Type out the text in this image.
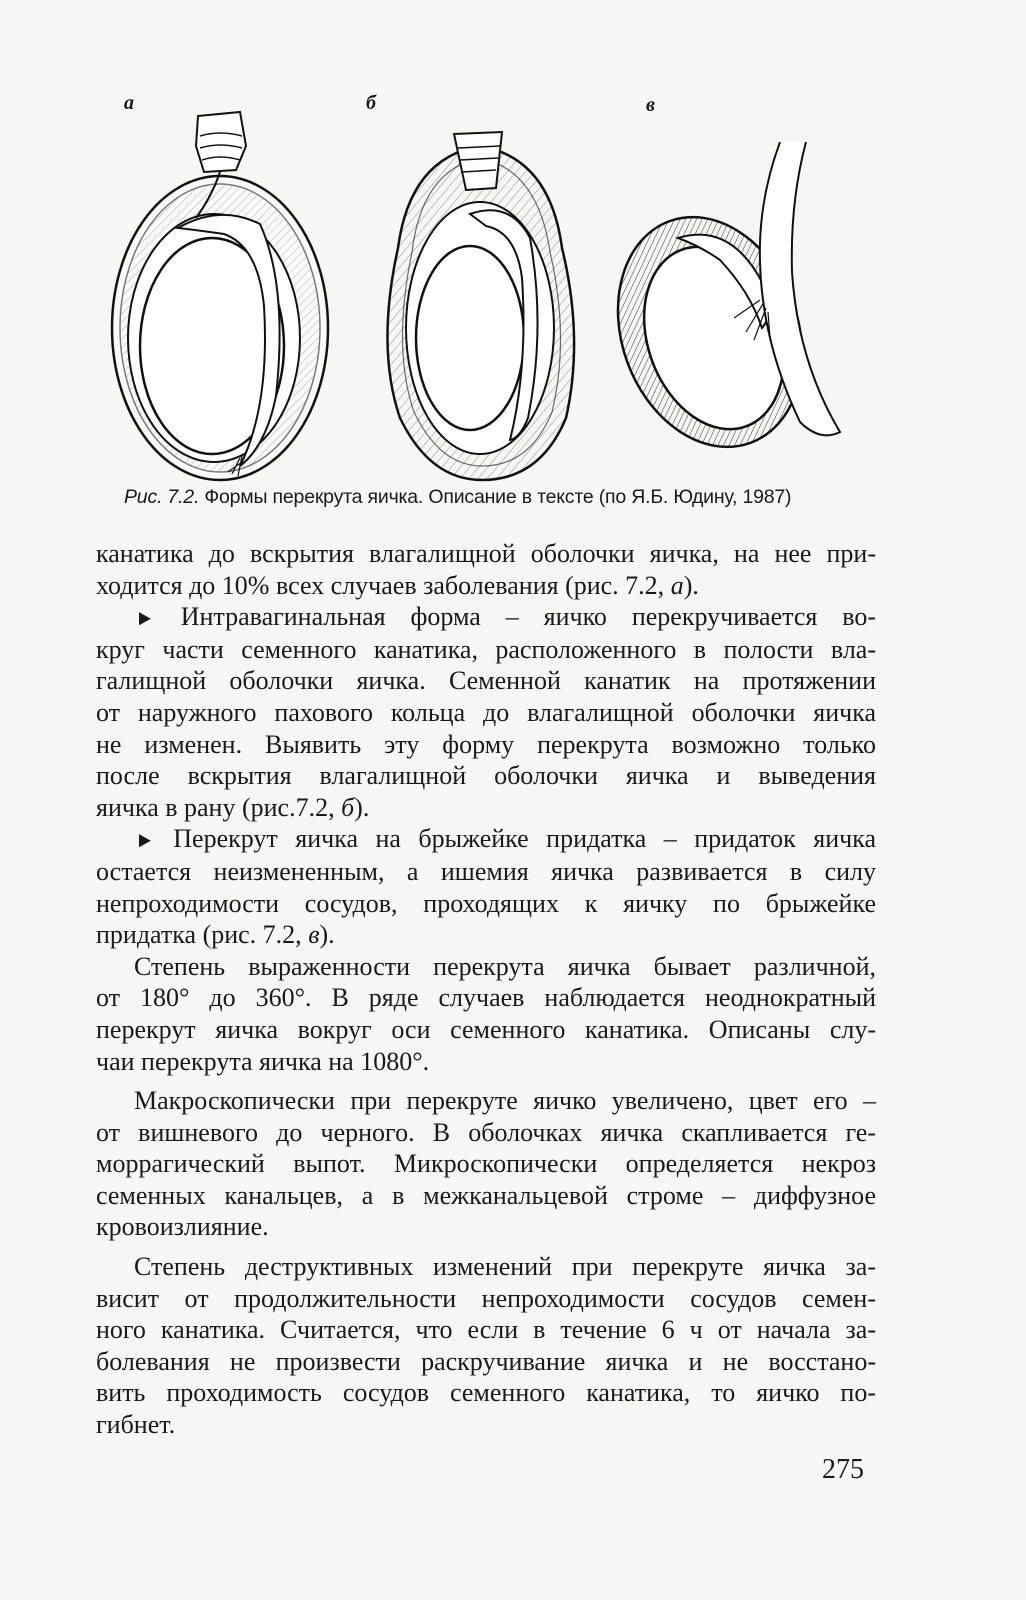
а	б	в
Рис. 7.2. Формы перекрута яичка. Описание в тексте (по Я.Б. Юдину, 1987)

канатика до вскрытия влагалищной оболочки яичка, на нее при-
ходится до 10% всех случаев заболевания (рис. 7.2, а).

► Интравагинальная форма – яичко перекручивается во-
круг части семенного канатика, расположенного в полости вла-
галищной оболочки яичка. Семенной канатик на протяжении
от наружного пахового кольца до влагалищной оболочки яичка
не изменен. Выявить эту форму перекрута возможно только
после вскрытия влагалищной оболочки яичка и выведения
яичка в рану (рис.7.2, б).

► Перекрут яичка на брыжейке придатка – придаток яичка
остается неизмененным, а ишемия яичка развивается в силу
непроходимости сосудов, проходящих к яичку по брыжейке
придатка (рис. 7.2, в).

Степень выраженности перекрута яичка бывает различной,
от 180° до 360°. В ряде случаев наблюдается неоднократный
перекрут яичка вокруг оси семенного канатика. Описаны слу-
чаи перекрута яичка на 1080°.

Макроскопически при перекруте яичко увеличено, цвет его –
от вишневого до черного. В оболочках яичка скапливается ге-
моррагический выпот. Микроскопически определяется некроз
семенных канальцев, а в межканальцевой строме – диффузное
кровоизлияние.

Степень деструктивных изменений при перекруте яичка за-
висит от продолжительности непроходимости сосудов семен-
ного канатика. Считается, что если в течение 6 ч от начала за-
болевания не произвести раскручивание яичка и не восстано-
вить проходимость сосудов семенного канатика, то яичко по-
гибнет.

275
